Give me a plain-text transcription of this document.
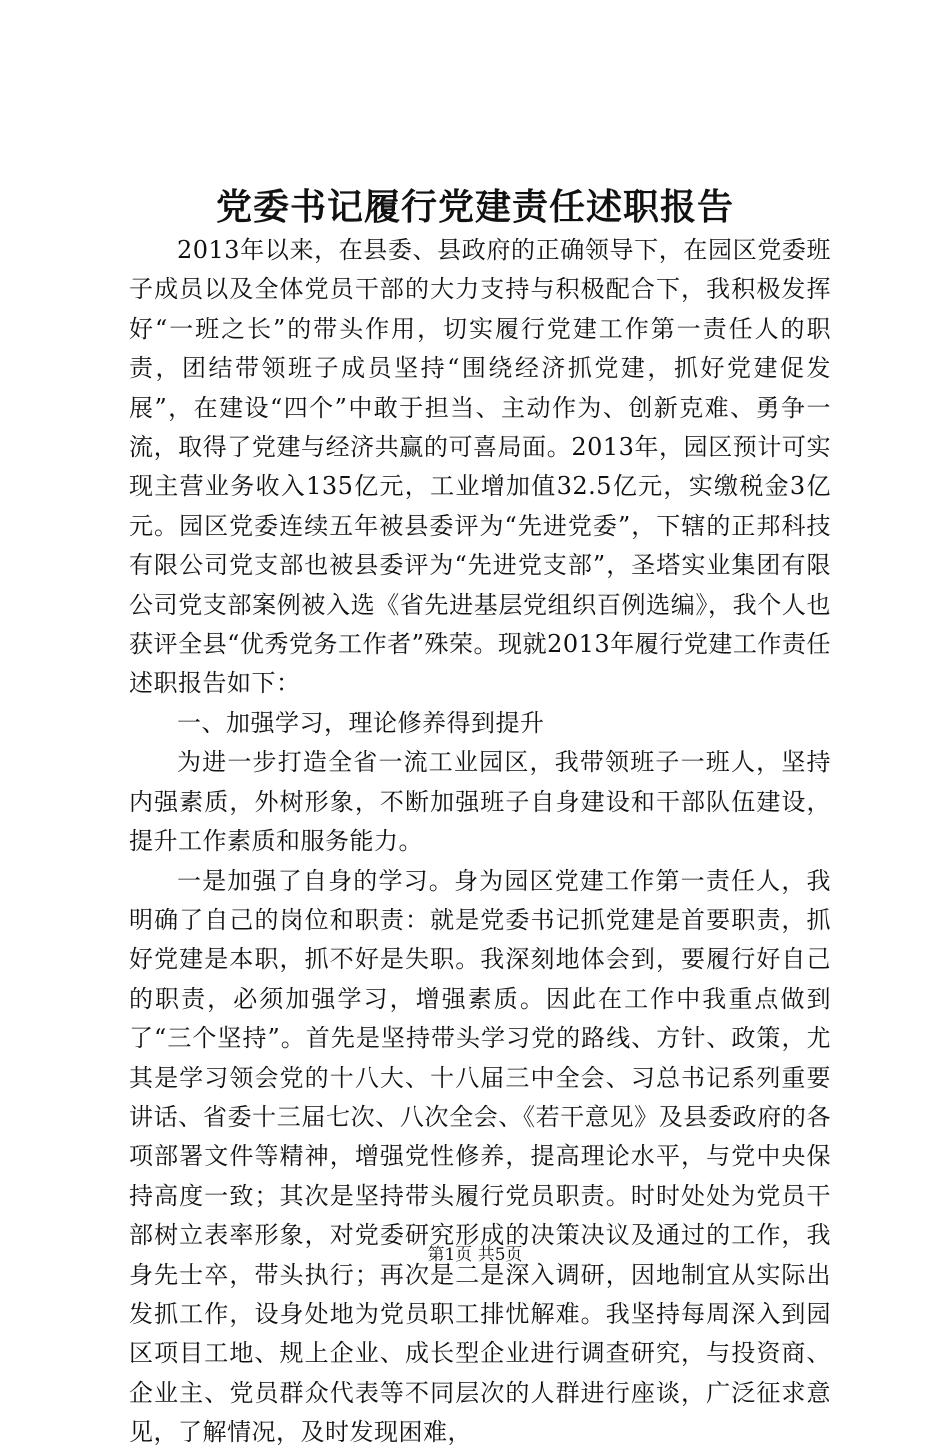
党委书记履行党建责任述职报告

2013年以来，在县委、县政府的正确领导下，在园区党委班子成员以及全体党员干部的大力支持与积极配合下，我积极发挥好“一班之长”的带头作用，切实履行党建工作第一责任人的职责，团结带领班子成员坚持“围绕经济抓党建，抓好党建促发展”，在建设“四个”中敢于担当、主动作为、创新克难、勇争一流，取得了党建与经济共赢的可喜局面。2013年，园区预计可实现主营业务收入135亿元，工业增加值32.5亿元，实缴税金3亿元。园区党委连续五年被县委评为“先进党委”，下辖的正邦科技有限公司党支部也被县委评为“先进党支部”，圣塔实业集团有限公司党支部案例被入选《省先进基层党组织百例选编》，我个人也获评全县“优秀党务工作者”殊荣。现就2013年履行党建工作责任述职报告如下：

一、加强学习，理论修养得到提升

为进一步打造全省一流工业园区，我带领班子一班人，坚持内强素质，外树形象，不断加强班子自身建设和干部队伍建设，提升工作素质和服务能力。

一是加强了自身的学习。身为园区党建工作第一责任人，我明确了自己的岗位和职责：就是党委书记抓党建是首要职责，抓好党建是本职，抓不好是失职。我深刻地体会到，要履行好自己的职责，必须加强学习，增强素质。因此在工作中我重点做到了“三个坚持”。首先是坚持带头学习党的路线、方针、政策，尤其是学习领会党的十八大、十八届三中全会、习总书记系列重要讲话、省委十三届七次、八次全会、《若干意见》及县委政府的各项部署文件等精神，增强党性修养，提高理论水平，与党中央保持高度一致；其次是坚持带头履行党员职责。时时处处为党员干部树立表率形象，对党委研究形成的决策决议及通过的工作，我身先士卒，带头执行；再次是二是深入调研，因地制宜从实际出发抓工作，设身处地为党员职工排忧解难。我坚持每周深入到园区项目工地、规上企业、成长型企业进行调查研究，与投资商、企业主、党员群众代表等不同层次的人群进行座谈，广泛征求意见，了解情况，及时发现困难，

第1页 共5页
